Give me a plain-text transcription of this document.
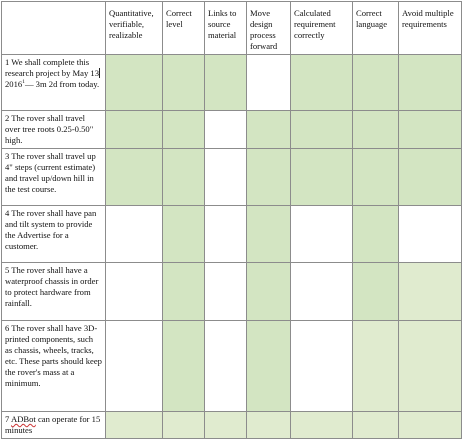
	Quantitative, verifiable, realizable	Correct level	Links to source material	Move design process forward	Calculated requirement correctly	Correct language	Avoid multiple requirements
1 We shall complete this research project by May 13 2016$^1$— 3m 2d from today.							
2 The rover shall travel over tree roots 0.25-0.50" high.							
3 The rover shall travel up 4" steps (current estimate) and travel up/down hill in the test course.							
4 The rover shall have pan and tilt system to provide the Advertise for a customer.							
5 The rover shall have a waterproof chassis in order to protect hardware from rainfall.							
6 The rover shall have 3D-printed components, such as chassis, wheels, tracks, etc. These parts should keep the rover's mass at a minimum.							
7 ADBot can operate for 15 minutes							
